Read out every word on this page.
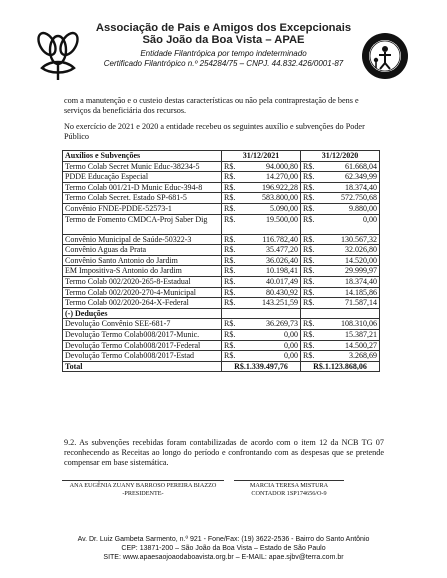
Associação de Pais e Amigos dos Excepcionais
São João da Boa Vista – APAE
Entidade Filantrópica por tempo indeterminado
Certificado Filantrópico n.º 254284/75 – CNPJ. 44.832.426/0001-87
com a manutenção e o custeio destas características ou não pela contraprestação de bens e serviços da beneficiária dos recursos.
No exercício de 2021 e 2020 a entidade recebeu os seguintes auxílio e subvenções do Poder Público
Auxílios e Subvenções	31/12/2021	31/12/2020
Termo Colab Secret Munic Educ-38234-5	R$. 94.000,80	R$. 61.668,04

PDDE Educação Especial	R$. 14.270,00	R$. 62.349,99

Termo Colab 001/21-D Munic Educ-394-8	R$. 196.922,28	R$. 18.374,40

Termo Colab Secret. Estado SP-681-5	R$. 583.800,00	R$. 572.750,68

Convênio FNDE-PDDE-52573-1	R$. 5.090,00	R$. 9.880,00

Termo de Fomento CMDCA-Proj Saber Dig	R$. 19.500,00	R$. 0,00

Convênio Municipal de Saúde-50322-3	R$. 116.782,40	R$. 130.567,32

Convênio Aguas da Prata	R$. 35.477,20	R$. 32.026,80

Convênio Santo Antonio do Jardim	R$. 36.026,40	R$. 14.520,00

EM Impositiva-S Antonio do Jardim	R$. 10.198,41	R$. 29.999,97

Termo Colab 002/2020-265-8-Estadual	R$. 40.017,49	R$. 18.374,40

Termo Colab 002/2020-270-4-Municipal	R$. 80.430,92	R$. 14.185,86

Termo Colab 002/2020-264-X-Federal	R$. 143.251,59	R$. 71.587,14

(-) Deduções	

Devolução Convênio SEE-681-7	R$. 36.269,73	R$. 108.310,06

Devolução Termo Colab008/2017-Munic.	R$. 0,00	R$. 15.387,21

Devolução Termo Colab008/2017-Federal	R$. 0,00	R$. 14.500,27

Devolução Termo Colab008/2017-Estad	R$. 0,00	R$. 3.268,69

Total	R$.1.339.497,76	R$.1.123.868,06
9.2. As subvenções recebidas foram contabilizadas de acordo com o item 12 da NCB TG 07 reconhecendo as Receitas ao longo do período e confrontando com as despesas que se pretende compensar em base sistemática.
ANA EUGÊNIA ZUANY BARROSO PEREIRA BIAZZO
-PRESIDENTE-
MARCIA TERESA MISTURA
CONTADOR 1SP174656/O-9
Av. Dr. Luiz Gambeta Sarmento, n.º 921 - Fone/Fax: (19) 3622-2536 - Bairro do Santo Antônio
CEP: 13871-200 – São João da Boa Vista – Estado de São Paulo
SITE: www.apaesaojoaodaboavista.org.br – E-MAIL: apae.sjbv@terra.com.br
